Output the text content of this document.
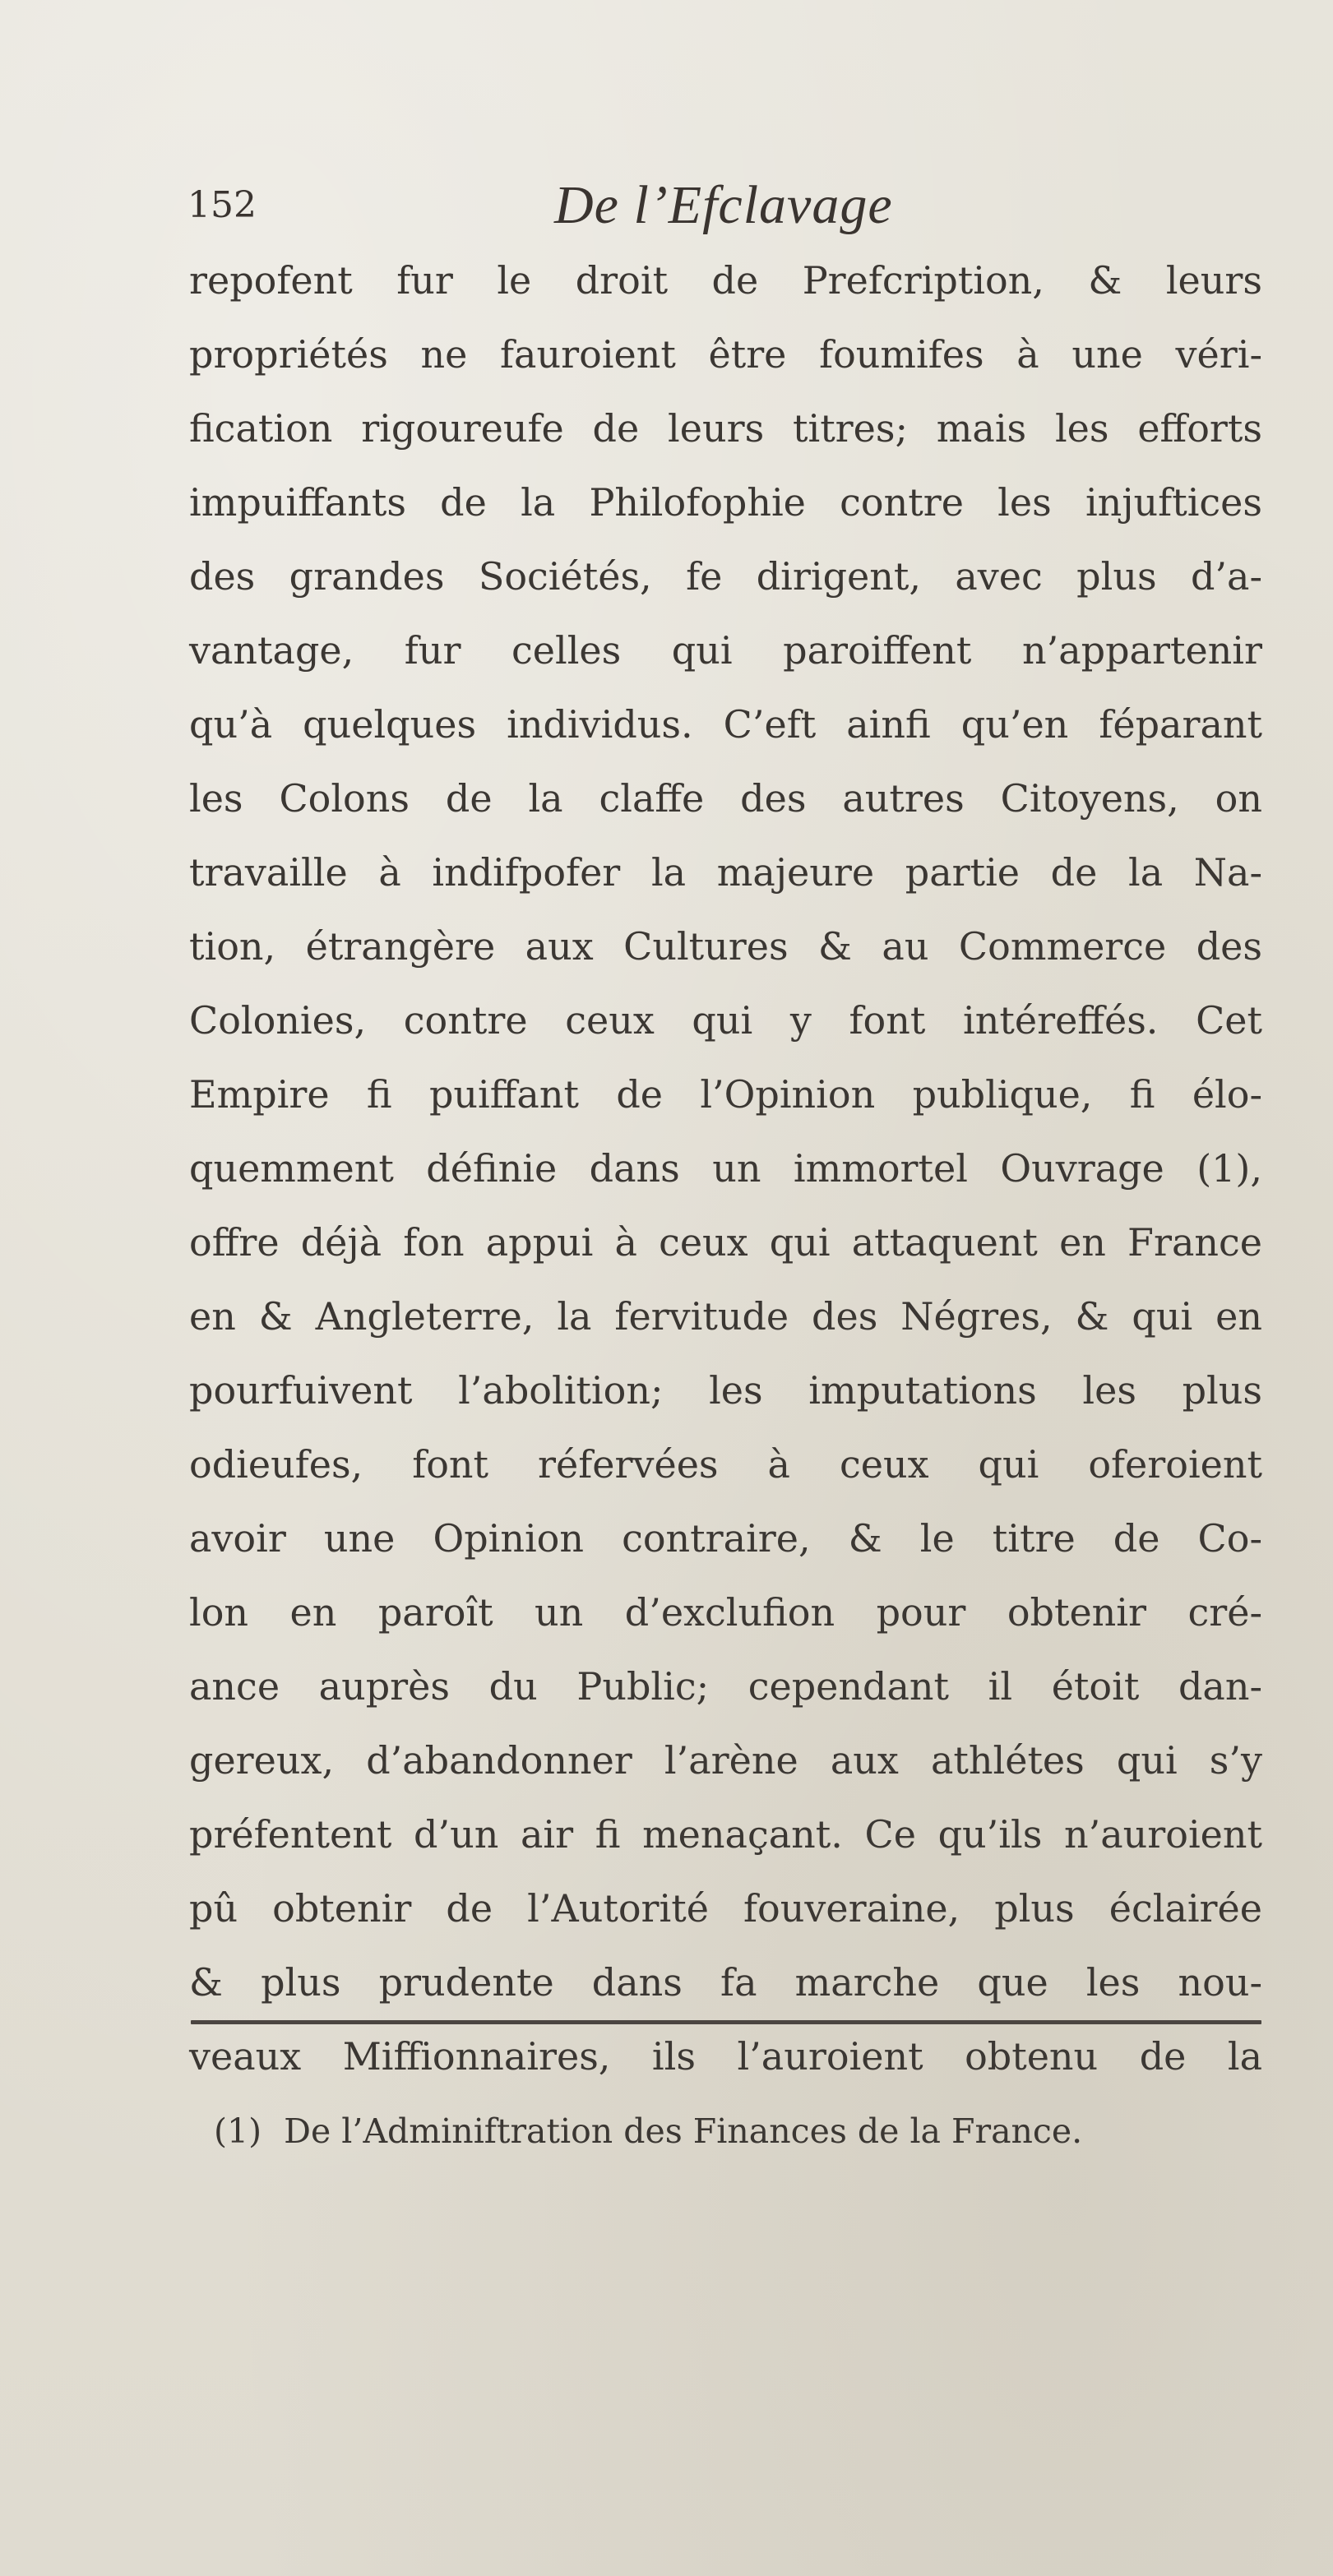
152	De l’Efclavage
repofent fur le droit de Prefcription, & leurs
propriétés ne fauroient être foumifes à une véri-
fication rigoureufe de leurs titres; mais les efforts
impuiffants de la Philofophie contre les injuftices
des grandes Sociétés, fe dirigent, avec plus d’a-
vantage, fur celles qui paroiffent n’appartenir
qu’à quelques individus. C’eft ainfi qu’en féparant
les Colons de la claffe des autres Citoyens, on
travaille à indifpofer la majeure partie de la Na-
tion, étrangère aux Cultures & au Commerce des
Colonies, contre ceux qui y font intéreffés. Cet
Empire fi puiffant de l’Opinion publique, fi élo-
quemment définie dans un immortel Ouvrage (1),
offre déjà fon appui à ceux qui attaquent en France
en & Angleterre, la fervitude des Négres, & qui en
pourfuivent l’abolition; les imputations les plus
odieufes, font réfervées à ceux qui oferoient
avoir une Opinion contraire, & le titre de Co-
lon en paroît un d’exclufion pour obtenir cré-
ance auprès du Public; cependant il étoit dan-
gereux, d’abandonner l’arène aux athlétes qui s’y
préfentent d’un air fi menaçant. Ce qu’ils n’auroient
pû obtenir de l’Autorité fouveraine, plus éclairée
& plus prudente dans fa marche que les nou-
veaux Miffionnaires, ils l’auroient obtenu de la
(1) De l’Adminiftration des Finances de la France.
